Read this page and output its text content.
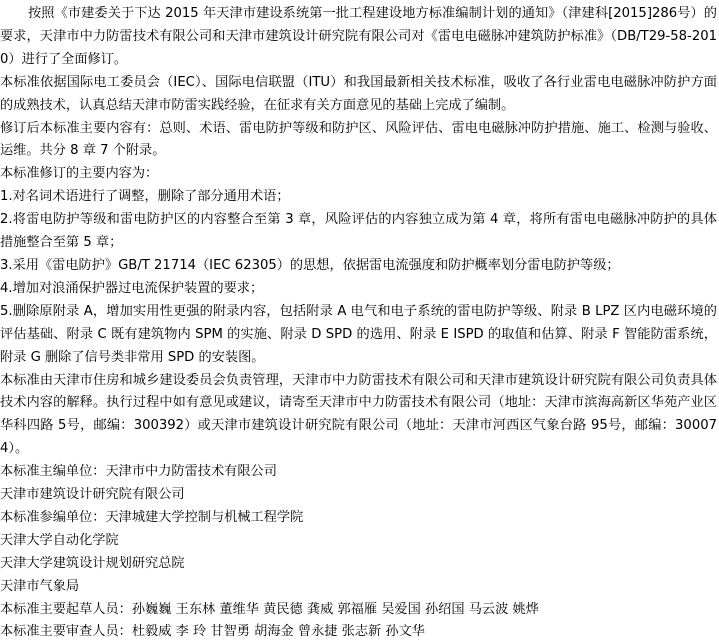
按照《市建委关于下达 2015 年天津市建设系统第一批工程建设地方标准编制计划的通知》（津建科[2015]286号）的要求，天津市中力防雷技术有限公司和天津市建筑设计研究院有限公司对《雷电电磁脉冲建筑防护标准》（DB/T29-58-2010）进行了全面修订。

本标准依据国际电工委员会（IEC）、国际电信联盟（ITU）和我国最新相关技术标准，吸收了各行业雷电电磁脉冲防护方面的成熟技术，认真总结天津市防雷实践经验，在征求有关方面意见的基础上完成了编制。

修订后本标准主要内容有：总则、术语、雷电防护等级和防护区、风险评估、雷电电磁脉冲防护措施、施工、检测与验收、运维。共分 8 章 7 个附录。

本标准修订的主要内容为：

1.对名词术语进行了调整，删除了部分通用术语；

2.将雷电防护等级和雷电防护区的内容整合至第 3 章，风险评估的内容独立成为第 4 章，将所有雷电电磁脉冲防护的具体措施整合至第 5 章；

3.采用《雷电防护》GB/T 21714（IEC 62305）的思想，依据雷电流强度和防护概率划分雷电防护等级；

4.增加对浪涌保护器过电流保护装置的要求；

5.删除原附录 A，增加实用性更强的附录内容，包括附录 A 电气和电子系统的雷电防护等级、附录 B LPZ 区内电磁环境的评估基础、附录 C 既有建筑物内 SPM 的实施、附录 D SPD 的选用、附录 E ISPD 的取值和估算、附录 F 智能防雷系统，附录 G 删除了信号类非常用 SPD 的安装图。

本标准由天津市住房和城乡建设委员会负责管理，天津市中力防雷技术有限公司和天津市建筑设计研究院有限公司负责具体技术内容的解释。执行过程中如有意见或建议，请寄至天津市中力防雷技术有限公司（地址：天津市滨海高新区华苑产业区华科四路 5号，邮编：300392）或天津市建筑设计研究院有限公司（地址：天津市河西区气象台路 95号，邮编：300074）。

本标准主编单位：天津市中力防雷技术有限公司

天津市建筑设计研究院有限公司

本标准参编单位：天津城建大学控制与机械工程学院

天津大学自动化学院

天津大学建筑设计规划研究总院

天津市气象局

本标准主要起草人员：孙巍巍 王东林 董维华 黄民德 龚威 郭福雁 吴爱国 孙绍国 马云波 姚烨

本标准主要审查人员：杜毅威 李 玲 甘智勇 胡海金 曾永捷 张志新 孙文华
